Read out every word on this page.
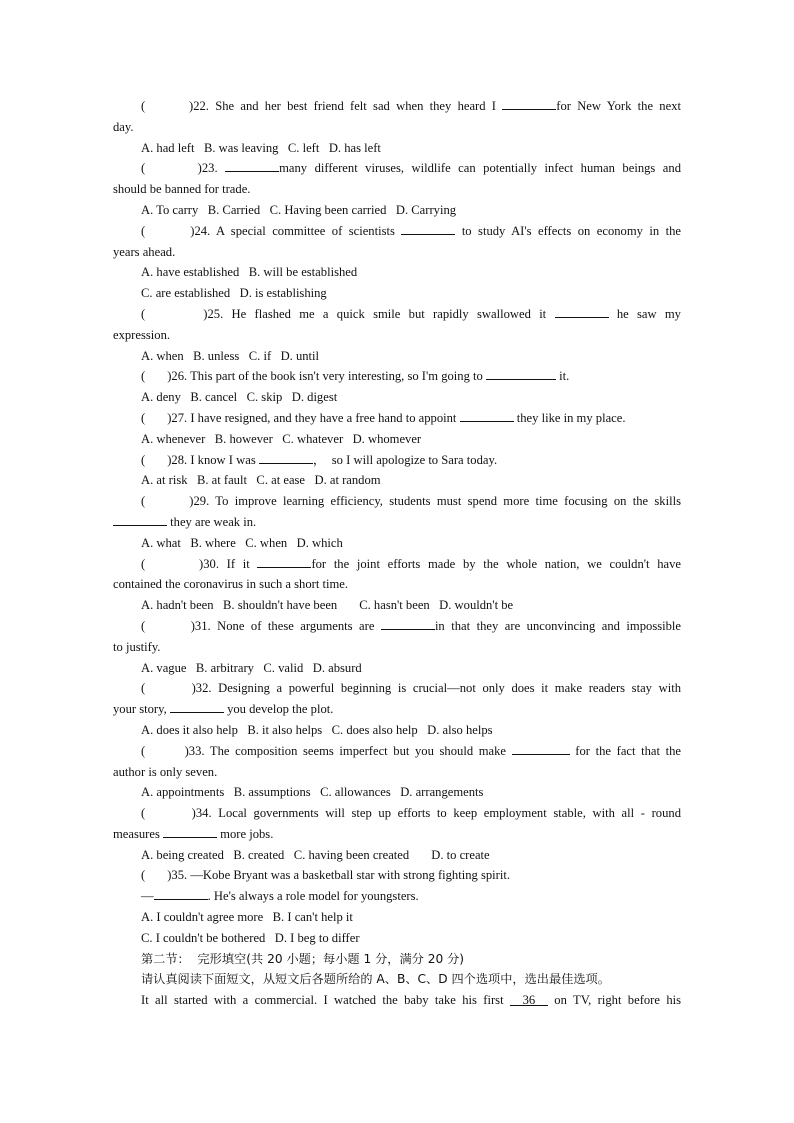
(       )22. She and her best friend felt sad when they heard I	for New York the next
day.
A. had left   B. was leaving   C. left   D. has left
(       )23.	many different viruses, wildlife can potentially infect human beings and
should be banned for trade.
A. To carry   B. Carried   C. Having been carried   D. Carrying
(       )24. A special committee of scientists	to study AI's effects on economy in the
years ahead.
A. have established   B. will be established
C. are established   D. is establishing
(       )25. He flashed me a quick smile but rapidly swallowed it	he saw my
expression.
A. when   B. unless   C. if   D. until
(       )26. This part of the book isn't very interesting, so I'm going to	it.
A. deny   B. cancel   C. skip   D. digest
(       )27. I have resigned, and they have a free hand to appoint	they like in my place.
A. whenever   B. however   C. whatever   D. whomever
(       )28. I know I was	，  so I will apologize to Sara today.
A. at risk   B. at fault   C. at ease   D. at random
(       )29. To improve learning efficiency, students must spend more time focusing on the skills
they are weak in.
A. what   B. where   C. when   D. which
(       )30. If it	for the joint efforts made by the whole nation, we couldn't have
contained the coronavirus in such a short time.
A. hadn't been   B. shouldn't have been       C. hasn't been   D. wouldn't be
(       )31. None of these arguments are	in that they are unconvincing and impossible
to justify.
A. vague   B. arbitrary   C. valid   D. absurd
(       )32. Designing a powerful beginning is crucial—not only does it make readers stay with
your story,	you develop the plot.
A. does it also help   B. it also helps   C. does also help   D. also helps
(       )33. The composition seems imperfect but you should make	for the fact that the
author is only seven.
A. appointments   B. assumptions   C. allowances   D. arrangements
(       )34. Local governments will step up efforts to keep employment stable, with all - round
measures	more jobs.
A. being created   B. created   C. having been created       D. to create
(       )35. —Kobe Bryant was a basketball star with strong fighting spirit.
—	. He's always a role model for youngsters.
A. I couldn't agree more   B. I can't help it
C. I couldn't be bothered   D. I beg to differ
第二节：  完形填空(共 20 小题；每小题 1 分，满分 20 分)
请认真阅读下面短文，从短文后各题所给的 A、B、C、D 四个选项中，选出最佳选项。
It all started with a commercial. I watched the baby take his first   36   on TV, right before his
